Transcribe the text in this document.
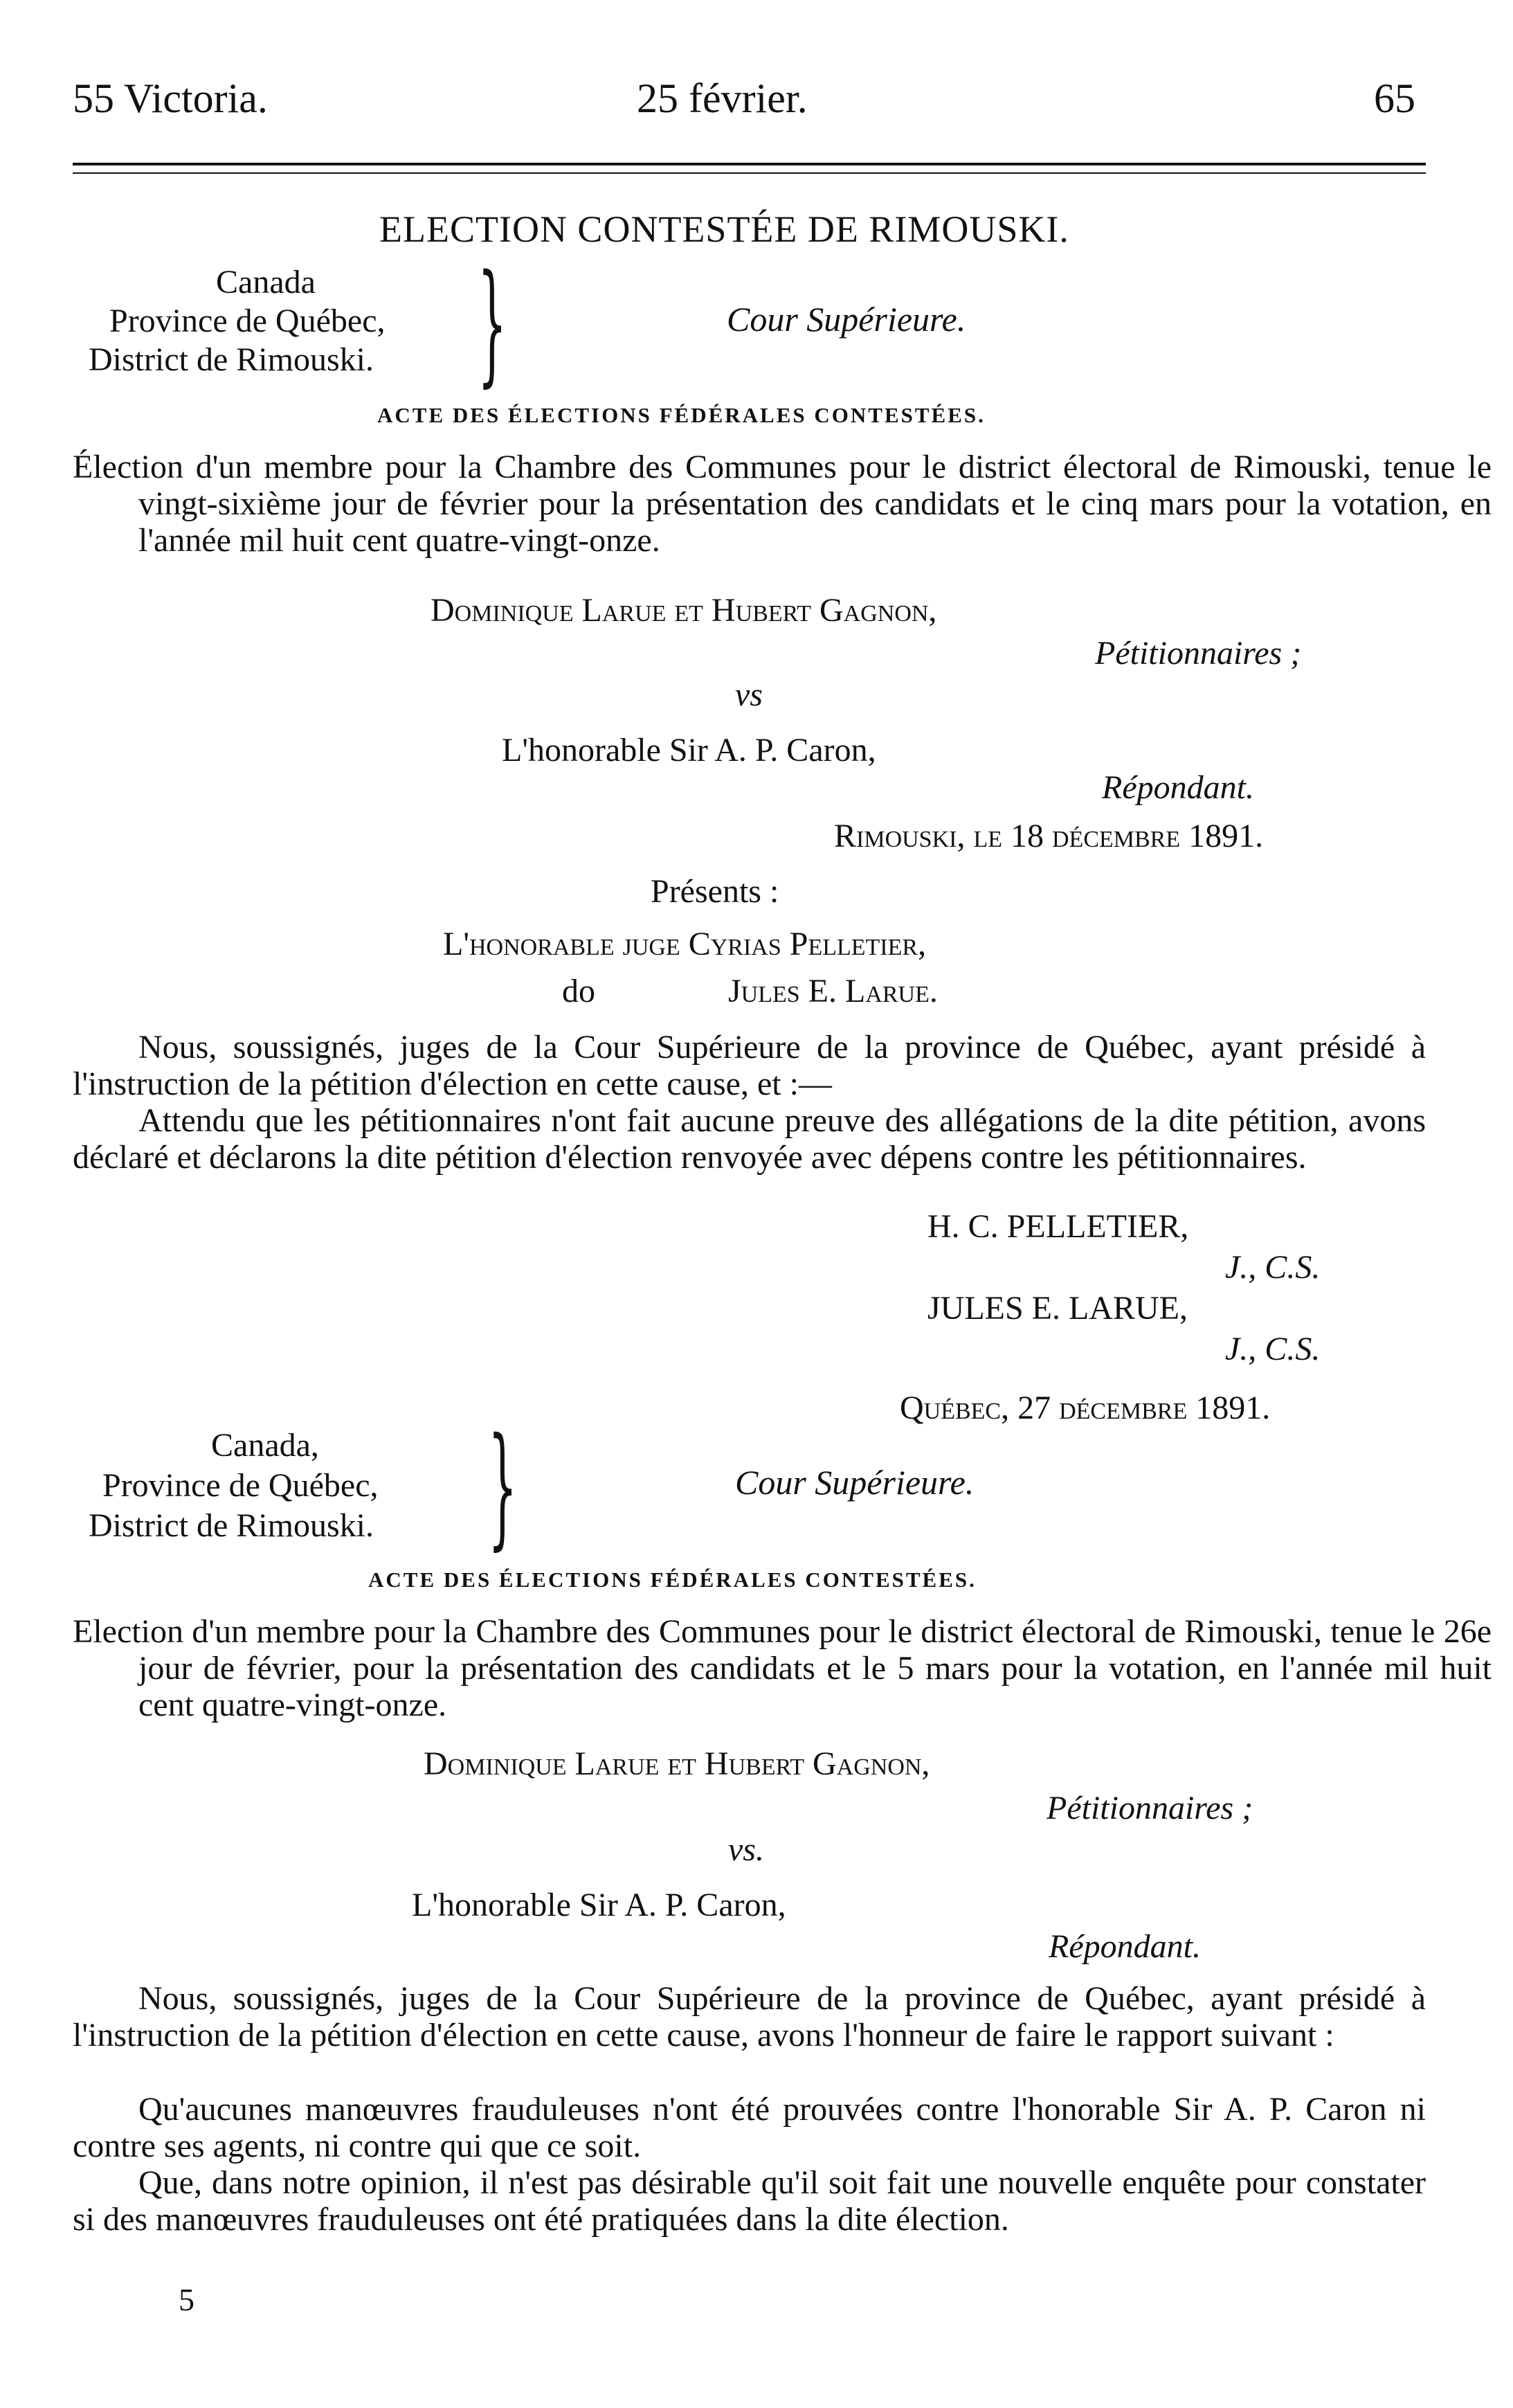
55 Victoria.	25 février.	65
ELECTION CONTESTÉE DE RIMOUSKI.
Canada
Province de Québec,
District de Rimouski. }	Cour Supérieure.
ACTE DES ÉLECTIONS FÉDÉRALES CONTESTÉES.
Élection d'un membre pour la Chambre des Communes pour le district électoral de Rimouski, tenue le vingt-sixième jour de février pour la présentation des candidats et le cinq mars pour la votation, en l'année mil huit cent quatre-vingt-onze.
Dominique Larue et Hubert Gagnon,
Pétitionnaires ;
vs
L'honorable Sir A. P. Caron,
Répondant.
Rimouski, le 18 décembre 1891.
Présents :
L'honorable juge Cyrias Pelletier,
do	Jules E. Larue.
Nous, soussignés, juges de la Cour Supérieure de la province de Québec, ayant présidé à l'instruction de la pétition d'élection en cette cause, et :—
Attendu que les pétitionnaires n'ont fait aucune preuve des allégations de la dite pétition, avons déclaré et déclarons la dite pétition d'élection renvoyée avec dépens contre les pétitionnaires.
H. C. PELLETIER,
J., C.S.
JULES E. LARUE,
J., C.S.
Québec, 27 décembre 1891.
Canada,
Province de Québec,
District de Rimouski. }	Cour Supérieure.
ACTE DES ÉLECTIONS FÉDÉRALES CONTESTÉES.
Election d'un membre pour la Chambre des Communes pour le district électoral de Rimouski, tenue le 26e jour de février, pour la présentation des candidats et le 5 mars pour la votation, en l'année mil huit cent quatre-vingt-onze.
Dominique Larue et Hubert Gagnon,
Pétitionnaires ;
vs.
L'honorable Sir A. P. Caron,
Répondant.
Nous, soussignés, juges de la Cour Supérieure de la province de Québec, ayant présidé à l'instruction de la pétition d'élection en cette cause, avons l'honneur de faire le rapport suivant :
Qu'aucunes manœuvres frauduleuses n'ont été prouvées contre l'honorable Sir A. P. Caron ni contre ses agents, ni contre qui que ce soit.
Que, dans notre opinion, il n'est pas désirable qu'il soit fait une nouvelle enquête pour constater si des manœuvres frauduleuses ont été pratiquées dans la dite élection.
5
